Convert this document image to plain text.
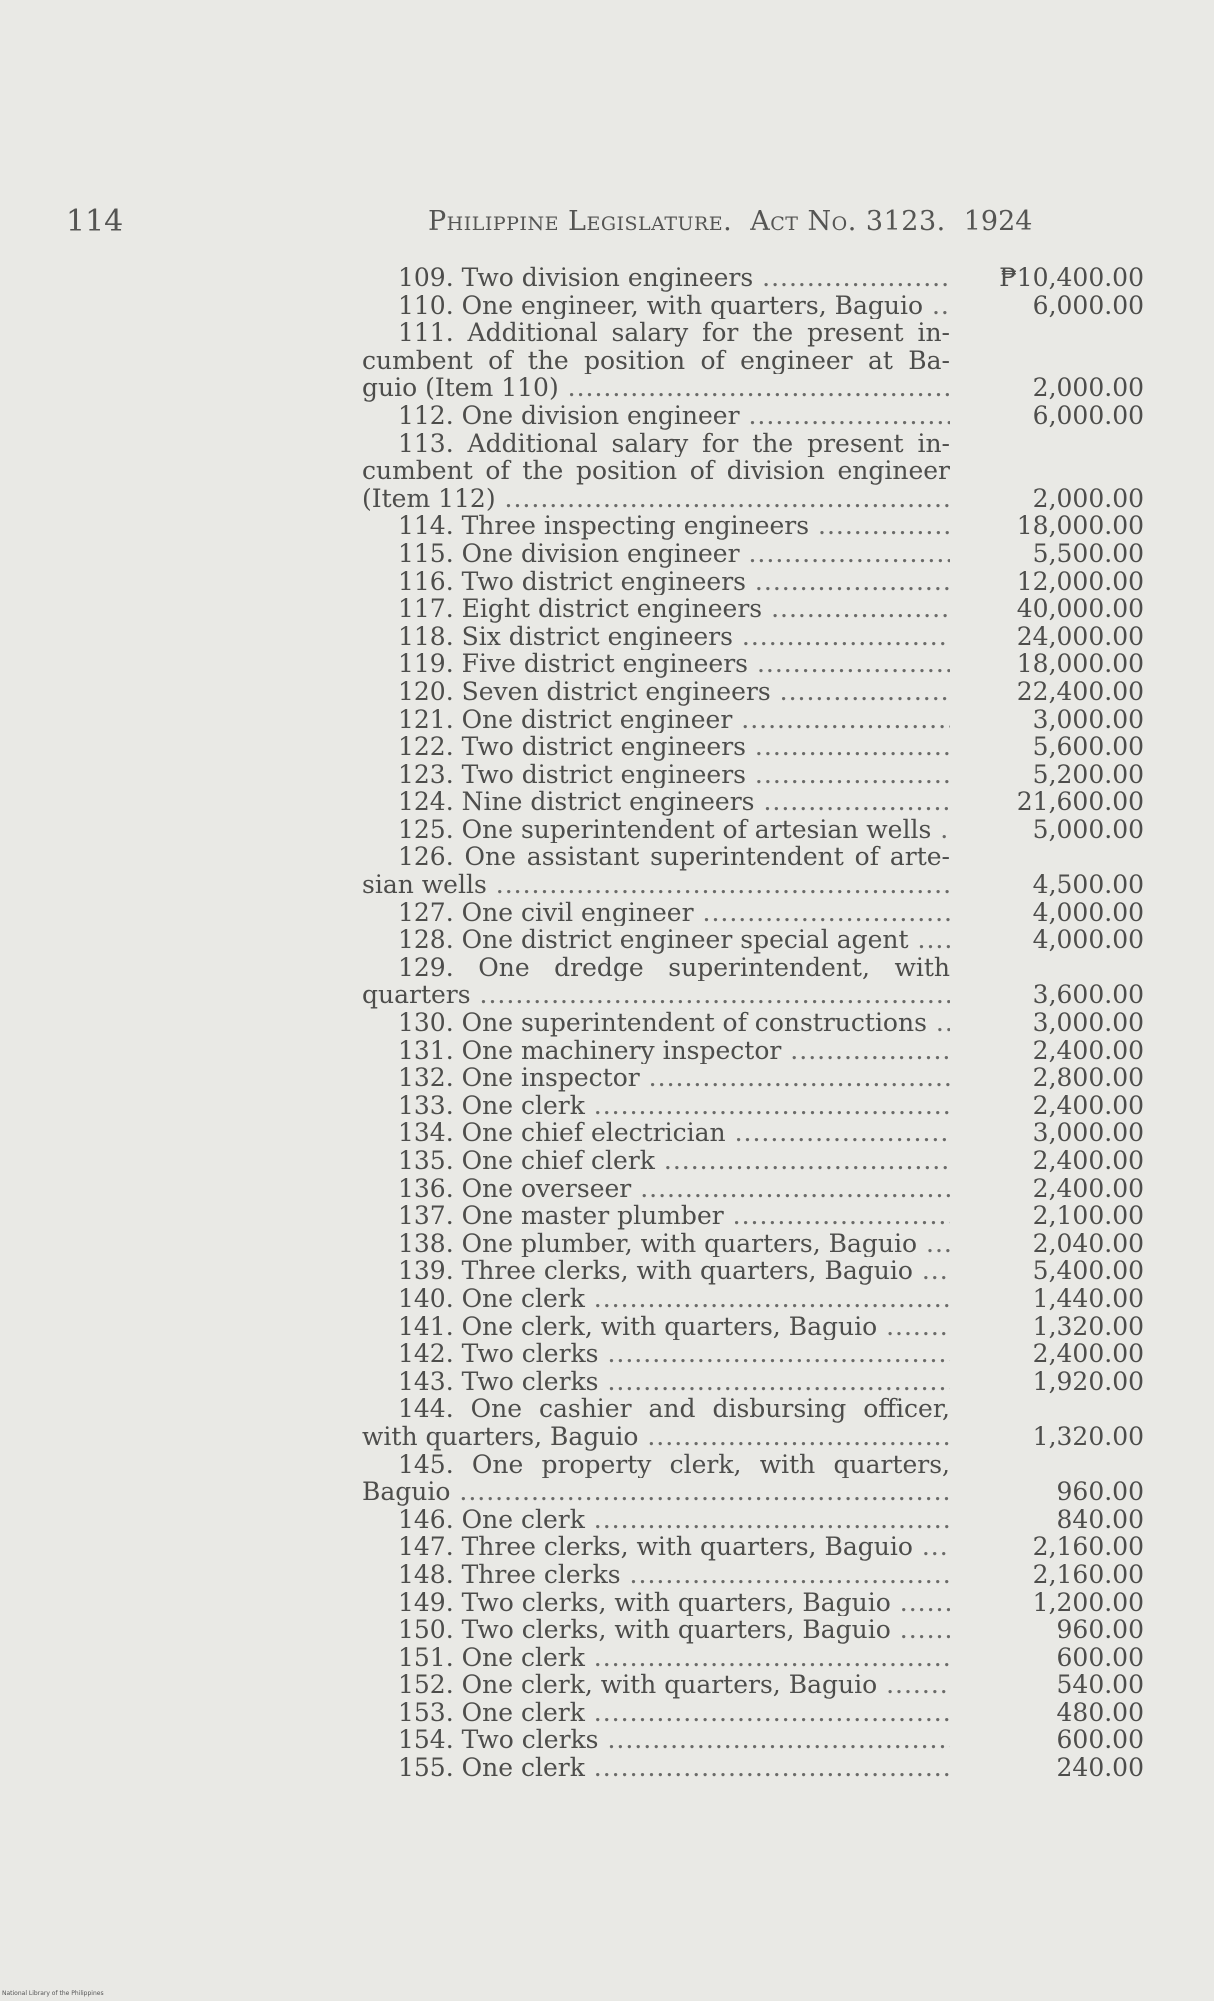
114	Philippine Legislature. Act No. 3123. 1924
109. Two division engineers .....	₱10,400.00
110. One engineer, with quarters, Baguio .....	6,000.00
111. Additional salary for the present in-
cumbent of the position of engineer at Ba-
guio (Item 110) .....	2,000.00
112. One division engineer .....	6,000.00
113. Additional salary for the present in-
cumbent of the position of division engineer
(Item 112) .....	2,000.00
114. Three inspecting engineers .....	18,000.00
115. One division engineer .....	5,500.00
116. Two district engineers .....	12,000.00
117. Eight district engineers .....	40,000.00
118. Six district engineers .....	24,000.00
119. Five district engineers .....	18,000.00
120. Seven district engineers .....	22,400.00
121. One district engineer .....	3,000.00
122. Two district engineers .....	5,600.00
123. Two district engineers .....	5,200.00
124. Nine district engineers .....	21,600.00
125. One superintendent of artesian wells .....	5,000.00
126. One assistant superintendent of arte-
sian wells .....	4,500.00
127. One civil engineer .....	4,000.00
128. One district engineer special agent .....	4,000.00
129. One dredge superintendent, with
quarters .....	3,600.00
130. One superintendent of constructions .....	3,000.00
131. One machinery inspector .....	2,400.00
132. One inspector .....	2,800.00
133. One clerk .....	2,400.00
134. One chief electrician .....	3,000.00
135. One chief clerk .....	2,400.00
136. One overseer .....	2,400.00
137. One master plumber .....	2,100.00
138. One plumber, with quarters, Baguio .....	2,040.00
139. Three clerks, with quarters, Baguio .....	5,400.00
140. One clerk .....	1,440.00
141. One clerk, with quarters, Baguio .....	1,320.00
142. Two clerks .....	2,400.00
143. Two clerks .....	1,920.00
144. One cashier and disbursing officer,
with quarters, Baguio .....	1,320.00
145. One property clerk, with quarters,
Baguio .....	960.00
146. One clerk .....	840.00
147. Three clerks, with quarters, Baguio .....	2,160.00
148. Three clerks .....	2,160.00
149. Two clerks, with quarters, Baguio .....	1,200.00
150. Two clerks, with quarters, Baguio .....	960.00
151. One clerk .....	600.00
152. One clerk, with quarters, Baguio .....	540.00
153. One clerk .....	480.00
154. Two clerks .....	600.00
155. One clerk .....	240.00
National Library of the Philippines
